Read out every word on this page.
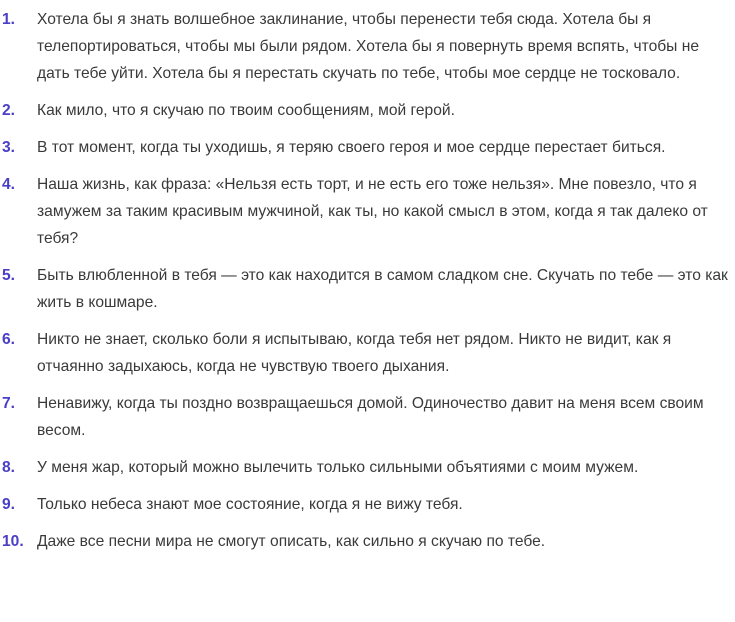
1. Хотела бы я знать волшебное заклинание, чтобы перенести тебя сюда. Хотела бы я телепортироваться, чтобы мы были рядом. Хотела бы я повернуть время вспять, чтобы не дать тебе уйти. Хотела бы я перестать скучать по тебе, чтобы мое сердце не тосковало.
2. Как мило, что я скучаю по твоим сообщениям, мой герой.
3. В тот момент, когда ты уходишь, я теряю своего героя и мое сердце перестает биться.
4. Наша жизнь, как фраза: «Нельзя есть торт, и не есть его тоже нельзя». Мне повезло, что я замужем за таким красивым мужчиной, как ты, но какой смысл в этом, когда я так далеко от тебя?
5. Быть влюбленной в тебя — это как находится в самом сладком сне. Скучать по тебе — это как жить в кошмаре.
6. Никто не знает, сколько боли я испытываю, когда тебя нет рядом. Никто не видит, как я отчаянно задыхаюсь, когда не чувствую твоего дыхания.
7. Ненавижу, когда ты поздно возвращаешься домой. Одиночество давит на меня всем своим весом.
8. У меня жар, который можно вылечить только сильными объятиями с моим мужем.
9. Только небеса знают мое состояние, когда я не вижу тебя.
10. Даже все песни мира не смогут описать, как сильно я скучаю по тебе.
